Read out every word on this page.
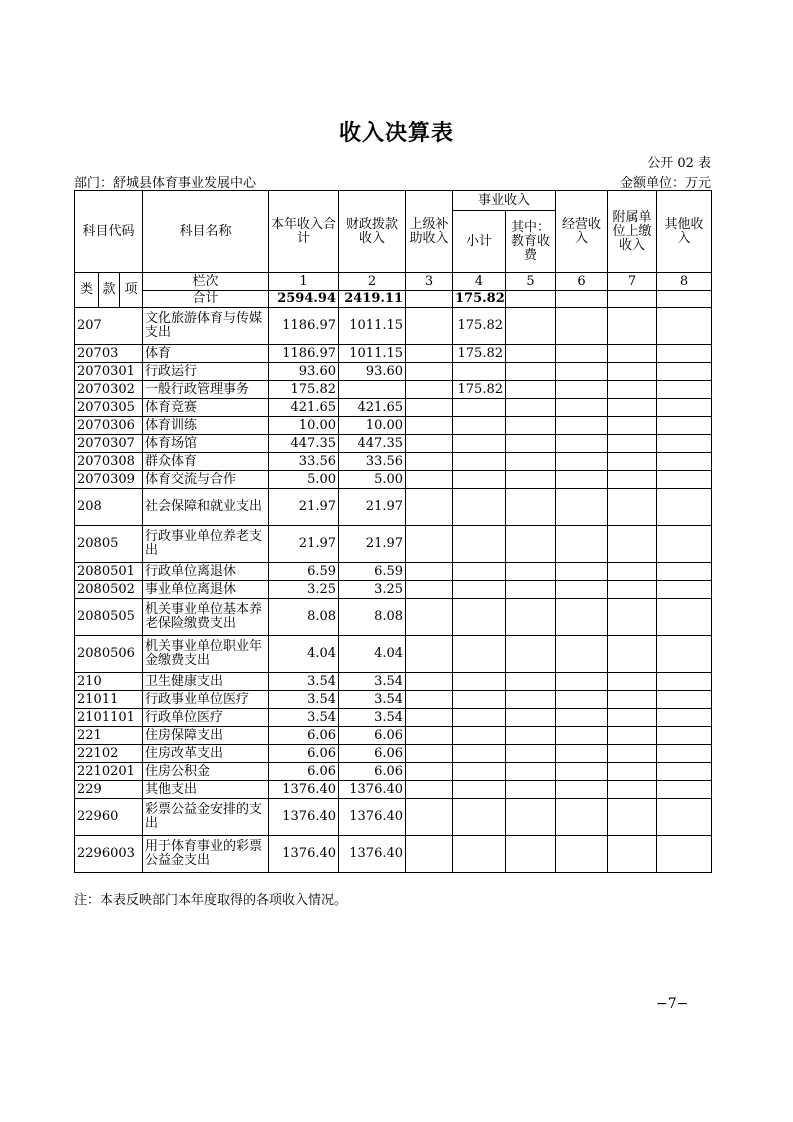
收入决算表
公开 02 表
部门：舒城县体育事业发展中心	金额单位：万元
科目代码			科目名称	本年收入合计	财政拨款收入	上级补助收入	事业收入		经营收入	附属单位上缴收入	其他收入
							小计	其中：教育收费			
类	款	项	栏次	1	2	3	4	5	6	7	8
			合计	2594.94	2419.11		175.82				
207			文化旅游体育与传媒支出	1186.97	1011.15		175.82				
20703			体育	1186.97	1011.15		175.82				
2070301			行政运行	93.60	93.60						
2070302			一般行政管理事务	175.82			175.82				
2070305			体育竞赛	421.65	421.65						
2070306			体育训练	10.00	10.00						
2070307			体育场馆	447.35	447.35						
2070308			群众体育	33.56	33.56						
2070309			体育交流与合作	5.00	5.00						
208			社会保障和就业支出	21.97	21.97						
20805			行政事业单位养老支出	21.97	21.97						
2080501			行政单位离退休	6.59	6.59						
2080502			事业单位离退休	3.25	3.25						
2080505			机关事业单位基本养老保险缴费支出	8.08	8.08						
2080506			机关事业单位职业年金缴费支出	4.04	4.04						
210			卫生健康支出	3.54	3.54						
21011			行政事业单位医疗	3.54	3.54						
2101101			行政单位医疗	3.54	3.54						
221			住房保障支出	6.06	6.06						
22102			住房改革支出	6.06	6.06						
2210201			住房公积金	6.06	6.06						
229			其他支出	1376.40	1376.40						
22960			彩票公益金安排的支出	1376.40	1376.40						
2296003			用于体育事业的彩票公益金支出	1376.40	1376.40						
注：本表反映部门本年度取得的各项收入情况。
−7−
